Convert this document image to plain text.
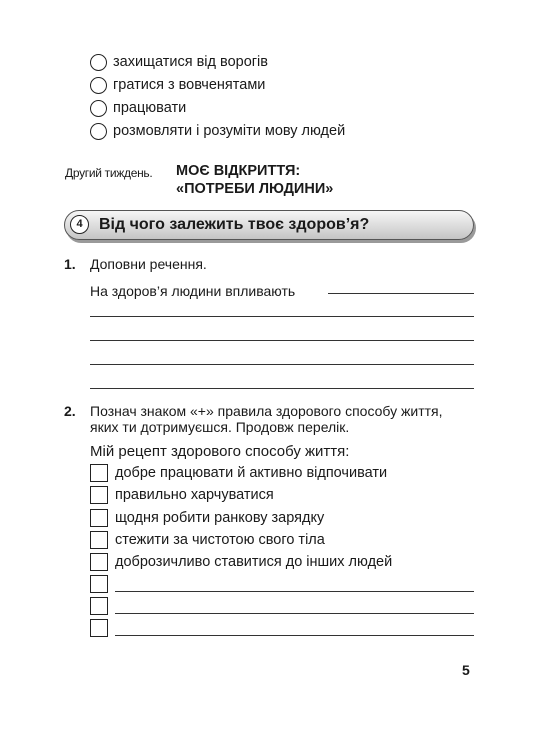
захищатися від ворогів
гратися з вовченятами
працювати
розмовляти і розуміти мову людей
Другий тиждень. МОЄ ВІДКРИТТЯ:
«ПОТРЕБИ ЛЮДИНИ»
4	Від чого залежить твоє здоров’я?
1. Доповни речення.
На здоров’я людини впливають
2. Познач знаком «+» правила здорового способу життя,
яких ти дотримуєшся. Продовж перелік.
Мій рецепт здорового способу життя:
добре працювати й активно відпочивати
правильно харчуватися
щодня робити ранкову зарядку
стежити за чистотою свого тіла
доброзичливо ставитися до інших людей
5
